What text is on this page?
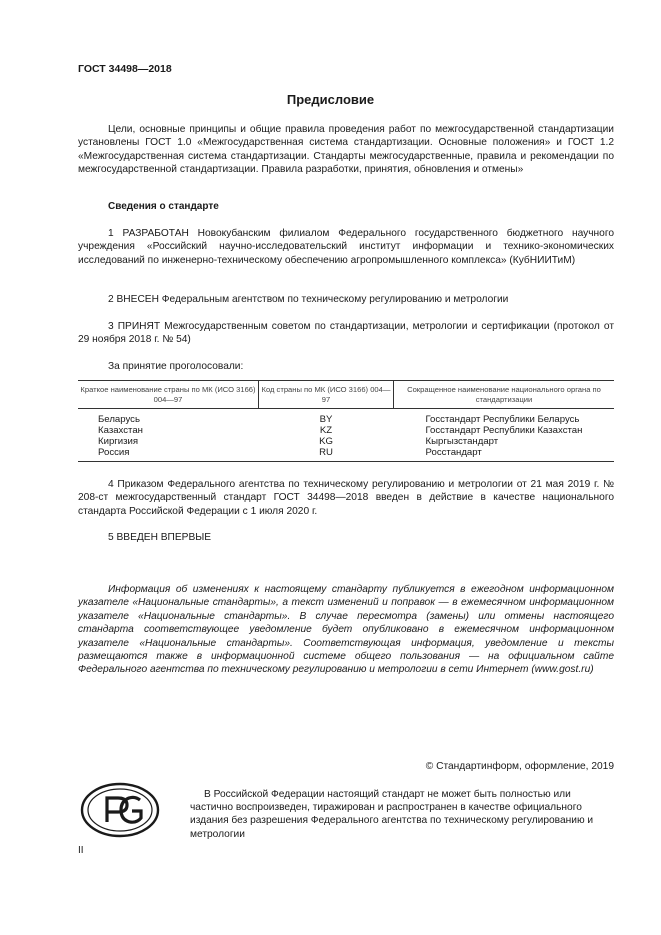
ГОСТ 34498—2018
Предисловие

Цели, основные принципы и общие правила проведения работ по межгосударственной стандартизации установлены ГОСТ 1.0 «Межгосударственная система стандартизации. Основные положения» и ГОСТ 1.2 «Межгосударственная система стандартизации. Стандарты межгосударственные, правила и рекомендации по межгосударственной стандартизации. Правила разработки, принятия, обновления и отмены»

Сведения о стандарте

1 РАЗРАБОТАН Новокубанским филиалом Федерального государственного бюджетного научного учреждения «Российский научно-исследовательский институт информации и технико-экономических исследований по инженерно-техническому обеспечению агропромышленного комплекса» (КубНИИТиМ)

2 ВНЕСЕН Федеральным агентством по техническому регулированию и метрологии

3 ПРИНЯТ Межгосударственным советом по стандартизации, метрологии и сертификации (протокол от 29 ноября 2018 г. № 54)

За принятие проголосовали:
Краткое наименование страны по МК (ИСО 3166) 004—97	Код страны по МК (ИСО 3166) 004—97	Сокращенное наименование национального органа по стандартизации
Беларусь	BY	Госстандарт Республики Беларусь
Казахстан	KZ	Госстандарт Республики Казахстан
Киргизия	KG	Кыргызстандарт
Россия	RU	Росстандарт

4 Приказом Федерального агентства по техническому регулированию и метрологии от 21 мая 2019 г. № 208-ст межгосударственный стандарт ГОСТ 34498—2018 введен в действие в качестве национального стандарта Российской Федерации с 1 июля 2020 г.

5 ВВЕДЕН ВПЕРВЫЕ

Информация об изменениях к настоящему стандарту публикуется в ежегодном информационном указателе «Национальные стандарты», а текст изменений и поправок — в ежемесячном информационном указателе «Национальные стандарты». В случае пересмотра (замены) или отмены настоящего стандарта соответствующее уведомление будет опубликовано в ежемесячном информационном указателе «Национальные стандарты». Соответствующая информация, уведомление и тексты размещаются также в информационной системе общего пользования — на официальном сайте Федерального агентства по техническому регулированию и метрологии в сети Интернет (www.gost.ru)

© Стандартинформ, оформление, 2019

В Российской Федерации настоящий стандарт не может быть полностью или частично воспроизведен, тиражирован и распространен в качестве официального издания без разрешения Федерального агентства по техническому регулированию и метрологии

II
